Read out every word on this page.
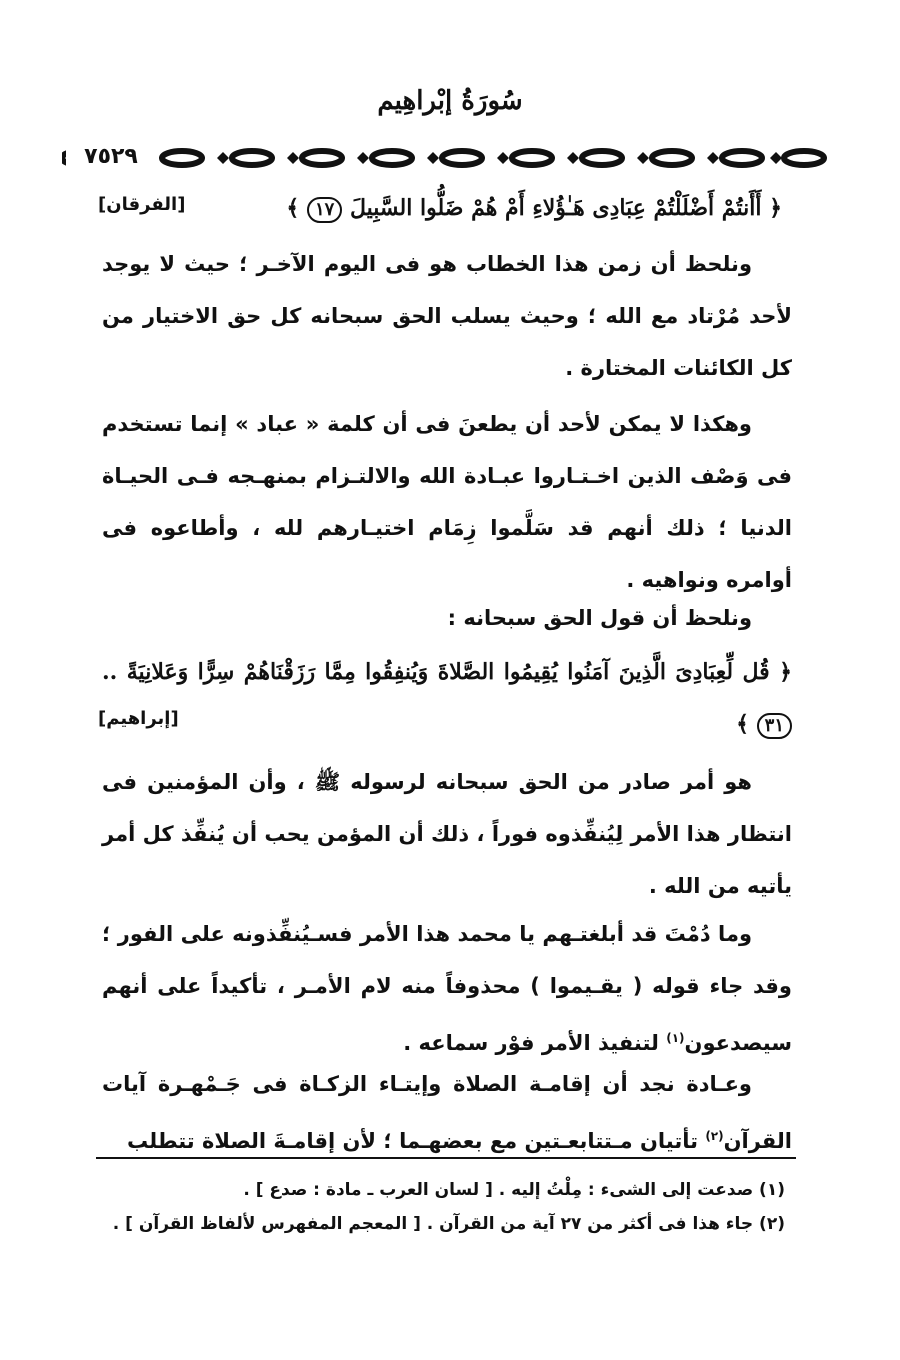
سُورَةُ إبْراهِيم
٧٥٢٩
﴿ أَأَنتُمْ أَضْلَلْتُمْ عِبَادِى هَـٰؤُلاءِ أَمْ هُمْ ضَلُّوا السَّبِيلَ ١٧ ﴾
[الفرقان]
ونلحظ أن زمن هذا الخطاب هو فى اليوم الآخـر ؛ حيث لا يوجد لأحد مُرْتاد مع الله ؛ وحيث يسلب الحق سبحانه كل حق الاختيار من كل الكائنات المختارة .
وهكذا لا يمكن لأحد أن يطعنَ فى أن كلمة « عباد » إنما تستخدم فى وَصْف الذين اخـتـاروا عبـادة الله والالتـزام بمنهـجه فـى الحيـاة الدنيا ؛ ذلك أنهم قد سَلَّموا زِمَام اختيـارهم لله ، وأطاعوه فى أوامره ونواهيه .
ونلحظ أن قول الحق سبحانه :
﴿ قُل لِّعِبَادِىَ الَّذِينَ آمَنُوا يُقِيمُوا الصَّلاةَ وَيُنفِقُوا مِمَّا رَزَقْنَاهُمْ سِرًّا وَعَلانِيَةً .. ٣١ ﴾
[إبراهيم]
هو أمر صادر من الحق سبحانه لرسوله ﷺ ، وأن المؤمنين فى انتظار هذا الأمر لِيُنفِّذوه فوراً ، ذلك أن المؤمن يحب أن يُنفِّذ كل أمر يأتيه من الله .
وما دُمْتَ قد أبلغتـهم يا محمد هذا الأمر فسـيُنفِّذونه على الفور ؛ وقد جاء قوله ( يقـيموا ) محذوفاً منه لام الأمـر ، تأكيداً على أنهم سيصدعون$^{(١)}$ لتنفيذ الأمر فوْر سماعه .
وعـادة نجد أن إقامـة الصلاة وإيتـاء الزكـاة فى جَـمْهـرة آيات القرآن$^{(٢)}$ تأتيان مـتتابعـتين مع بعضهـما ؛ لأن إقامـةَ الصلاة تتطلب
(١) صدعت إلى الشىء : مِلْتُ إليه . [ لسان العرب ـ مادة : صدع ] .
(٢) جاء هذا فى أكثر من ٢٧ آية من القرآن . [ المعجم المفهرس لألفاظ القرآن ] .
